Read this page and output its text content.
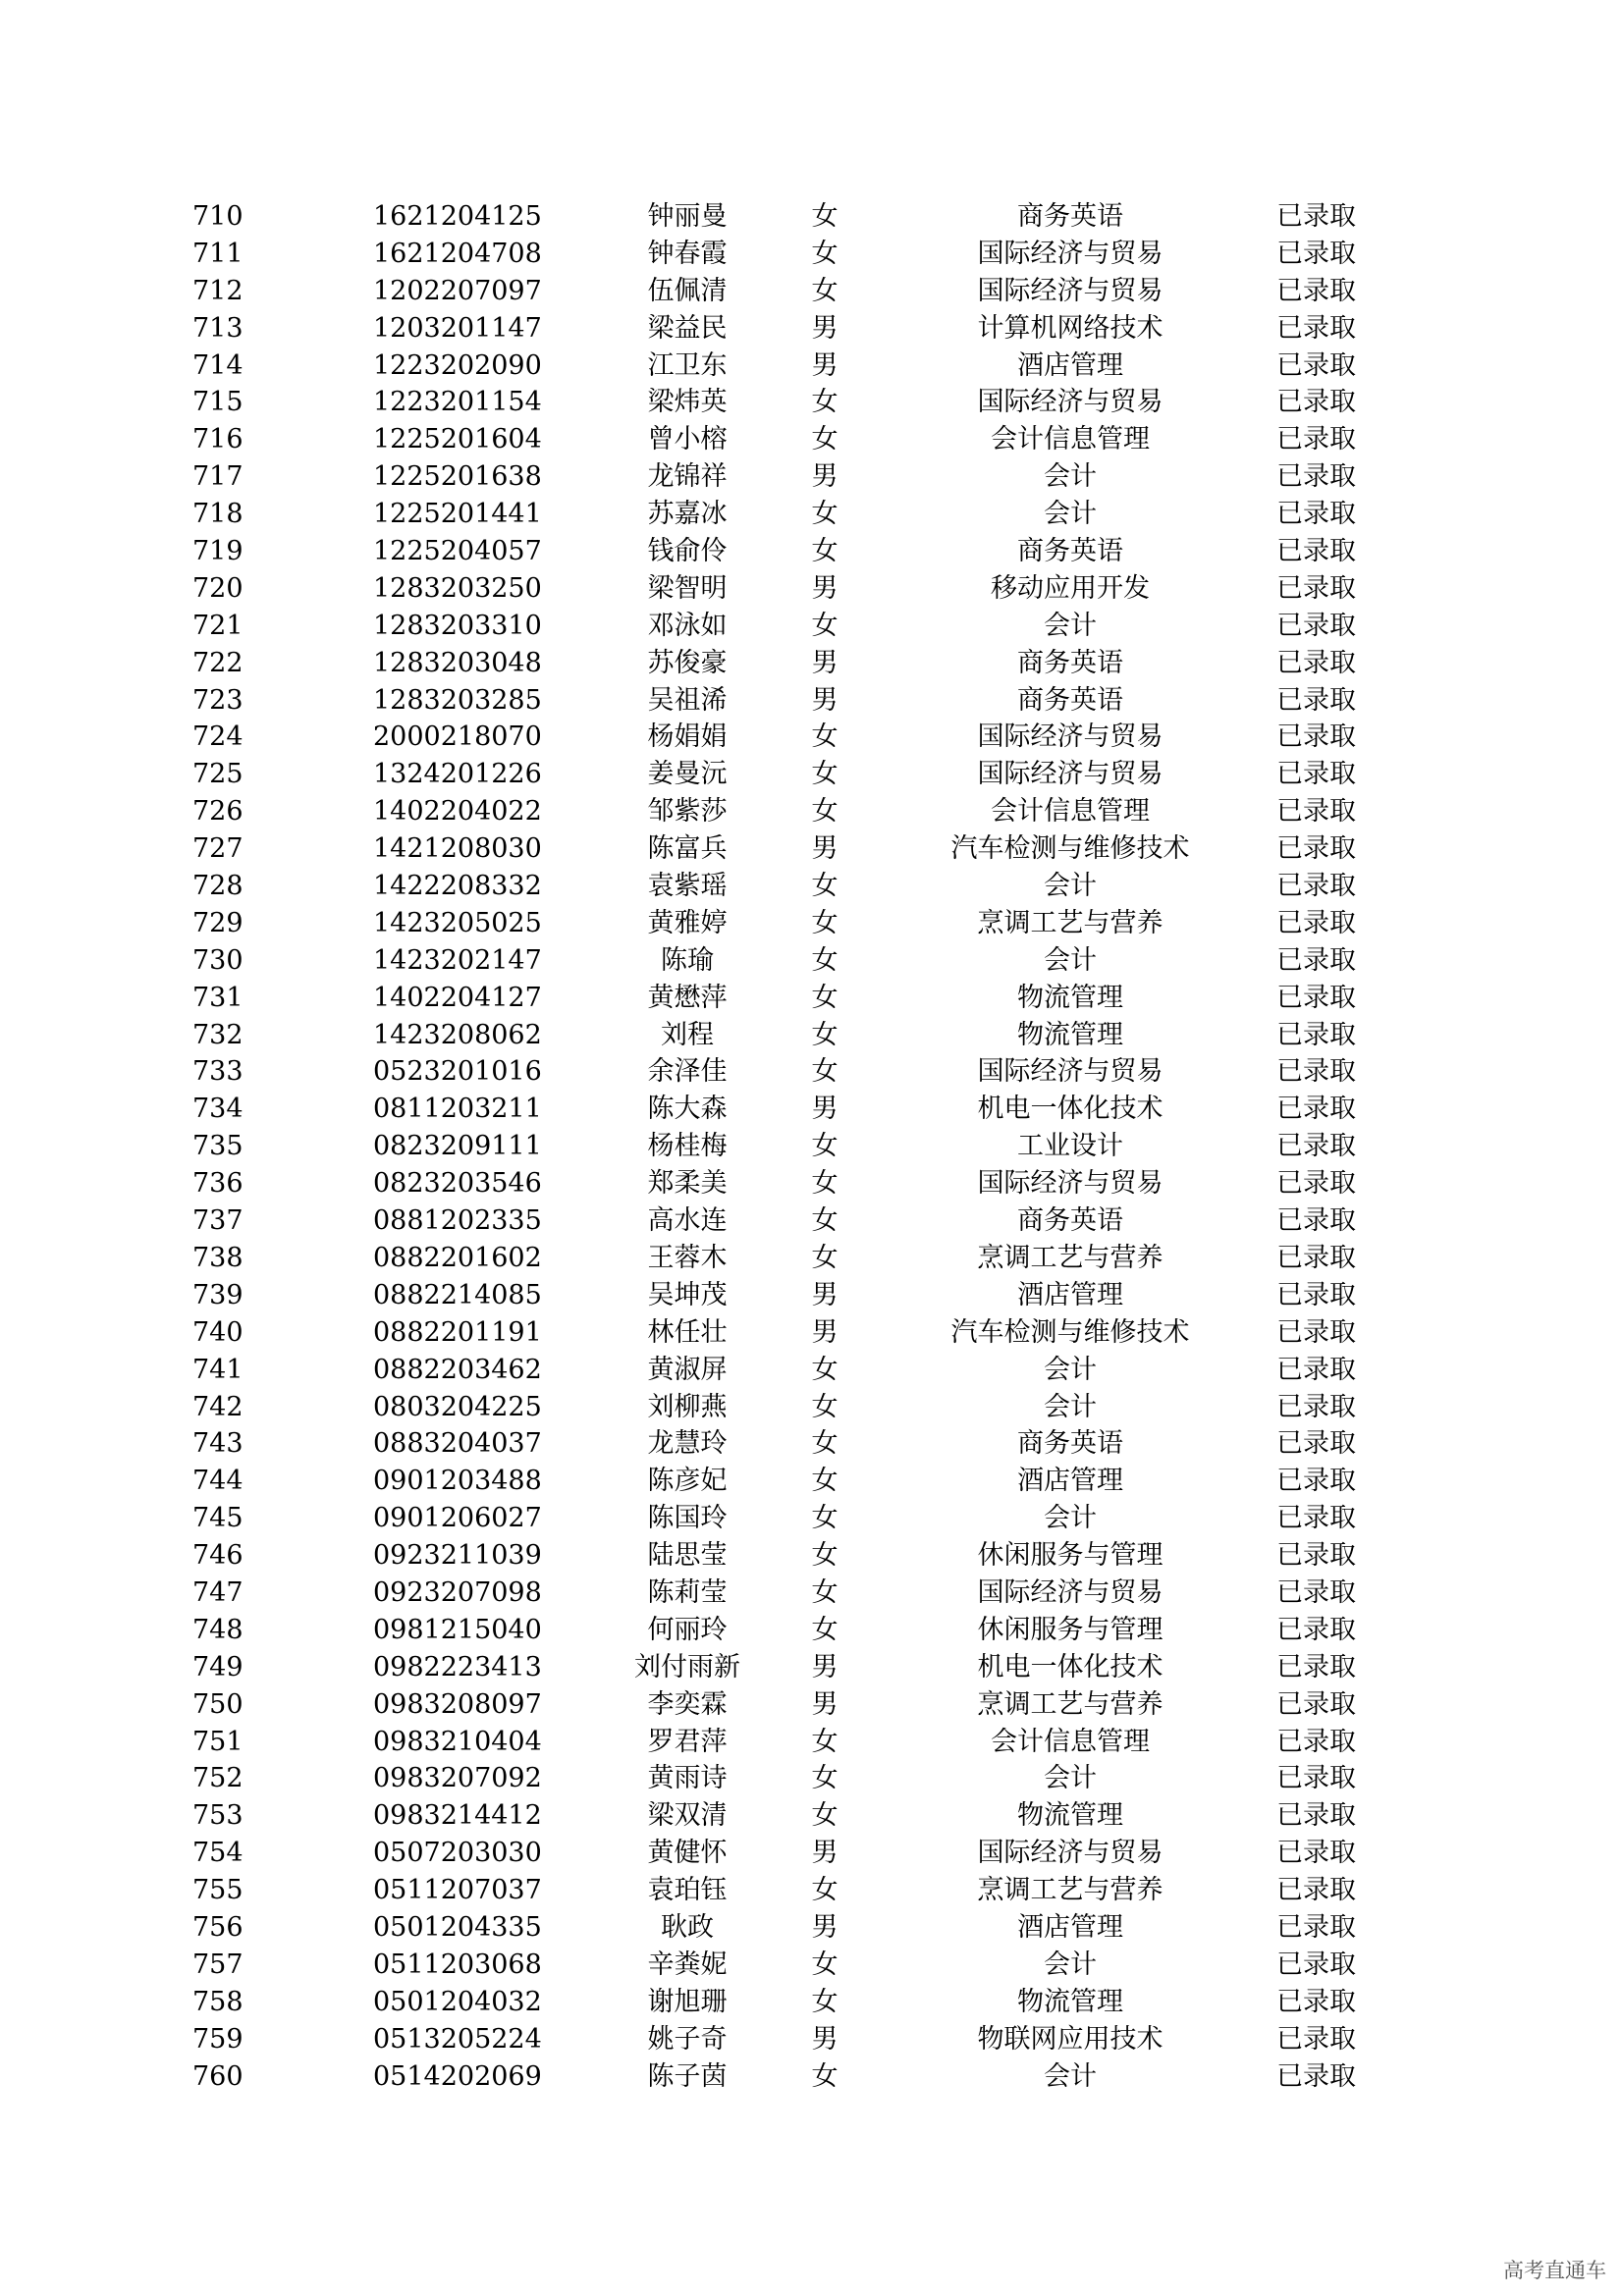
710	1621204125	钟丽曼	女	商务英语	已录取
711	1621204708	钟春霞	女	国际经济与贸易	已录取
712	1202207097	伍佩清	女	国际经济与贸易	已录取
713	1203201147	梁益民	男	计算机网络技术	已录取
714	1223202090	江卫东	男	酒店管理	已录取
715	1223201154	梁炜英	女	国际经济与贸易	已录取
716	1225201604	曾小榕	女	会计信息管理	已录取
717	1225201638	龙锦祥	男	会计	已录取
718	1225201441	苏嘉冰	女	会计	已录取
719	1225204057	钱俞伶	女	商务英语	已录取
720	1283203250	梁智明	男	移动应用开发	已录取
721	1283203310	邓泳如	女	会计	已录取
722	1283203048	苏俊豪	男	商务英语	已录取
723	1283203285	吴祖浠	男	商务英语	已录取
724	2000218070	杨娟娟	女	国际经济与贸易	已录取
725	1324201226	姜曼沅	女	国际经济与贸易	已录取
726	1402204022	邹紫莎	女	会计信息管理	已录取
727	1421208030	陈富兵	男	汽车检测与维修技术	已录取
728	1422208332	袁紫瑶	女	会计	已录取
729	1423205025	黄雅婷	女	烹调工艺与营养	已录取
730	1423202147	陈瑜	女	会计	已录取
731	1402204127	黄懋萍	女	物流管理	已录取
732	1423208062	刘程	女	物流管理	已录取
733	0523201016	余泽佳	女	国际经济与贸易	已录取
734	0811203211	陈大森	男	机电一体化技术	已录取
735	0823209111	杨桂梅	女	工业设计	已录取
736	0823203546	郑柔美	女	国际经济与贸易	已录取
737	0881202335	高水连	女	商务英语	已录取
738	0882201602	王蓉木	女	烹调工艺与营养	已录取
739	0882214085	吴坤茂	男	酒店管理	已录取
740	0882201191	林任壮	男	汽车检测与维修技术	已录取
741	0882203462	黄淑屏	女	会计	已录取
742	0803204225	刘柳燕	女	会计	已录取
743	0883204037	龙慧玲	女	商务英语	已录取
744	0901203488	陈彦妃	女	酒店管理	已录取
745	0901206027	陈国玲	女	会计	已录取
746	0923211039	陆思莹	女	休闲服务与管理	已录取
747	0923207098	陈莉莹	女	国际经济与贸易	已录取
748	0981215040	何丽玲	女	休闲服务与管理	已录取
749	0982223413	刘付雨新	男	机电一体化技术	已录取
750	0983208097	李奕霖	男	烹调工艺与营养	已录取
751	0983210404	罗君萍	女	会计信息管理	已录取
752	0983207092	黄雨诗	女	会计	已录取
753	0983214412	梁双清	女	物流管理	已录取
754	0507203030	黄健怀	男	国际经济与贸易	已录取
755	0511207037	袁珀钰	女	烹调工艺与营养	已录取
756	0501204335	耿政	男	酒店管理	已录取
757	0511203068	辛粪妮	女	会计	已录取
758	0501204032	谢旭珊	女	物流管理	已录取
759	0513205224	姚子奇	男	物联网应用技术	已录取
760	0514202069	陈子茵	女	会计	已录取
高考直通车
